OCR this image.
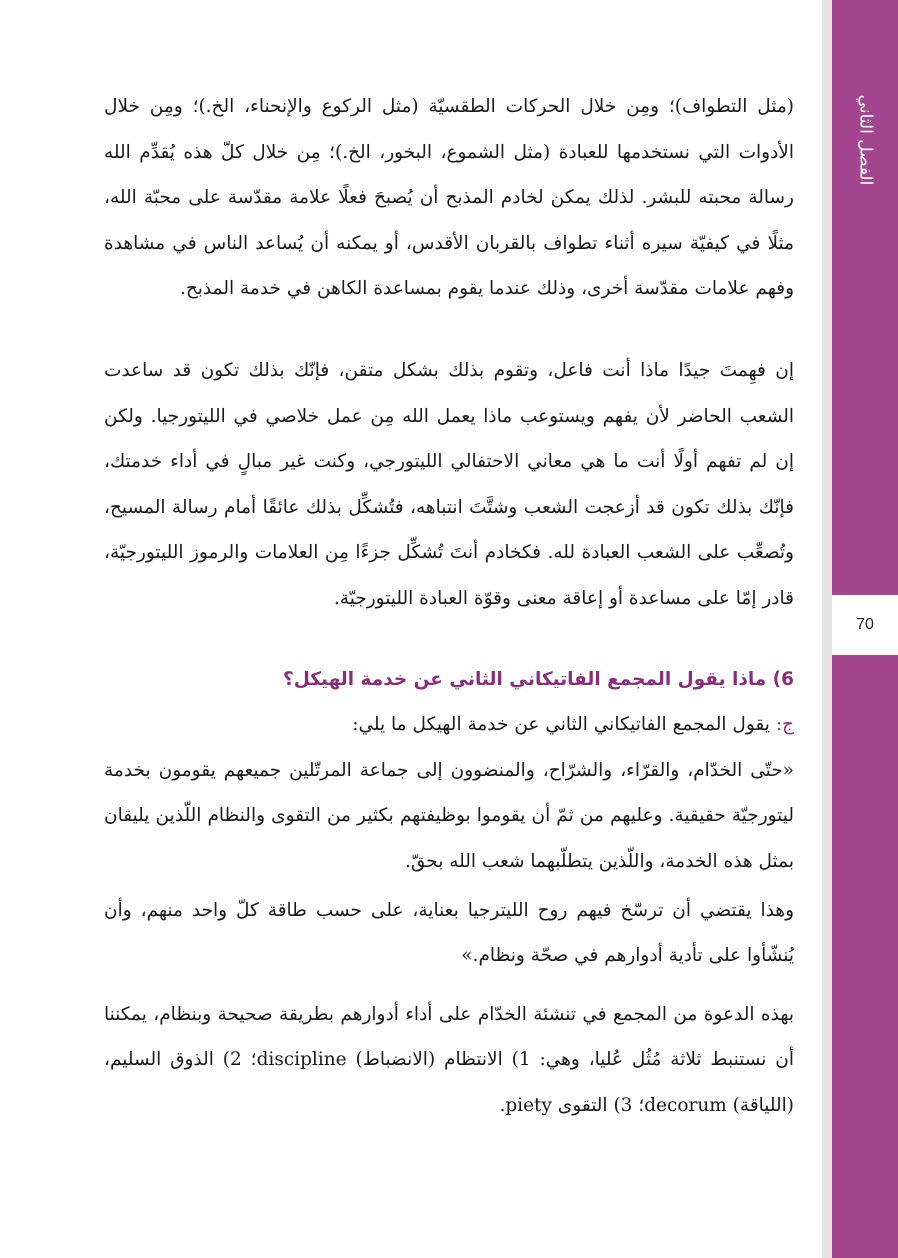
الفصل الثاني
70

(مثل التطواف)؛ ومِن خلال الحركات الطقسيّة (مثل الركوع والإنحناء، الخ.)؛ ومِن خلال الأدوات التي نستخدمها للعبادة (مثل الشموع، البخور، الخ.)؛ مِن خلال كلّ هذه يُقدِّم الله رسالة محبته للبشر. لذلك يمكن لخادم المذبح أن يُصبحَ فعلًا علامة مقدّسة على محبّة الله، مثلًا في كيفيّة سيره أثناء تطواف بالقربان الأقدس، أو يمكنه أن يُساعد الناس في مشاهدة وفهم علامات مقدّسة أخرى، وذلك عندما يقوم بمساعدة الكاهن في خدمة المذبح.

إن فهِمتَ جيدًا ماذا أنت فاعل، وتقوم بذلك بشكل متقن، فإنّك بذلك تكون قد ساعدت الشعب الحاضر لأن يفهم ويستوعب ماذا يعمل الله مِن عمل خلاصي في الليتورجيا. ولكن إن لم تفهم أولًا أنت ما هي معاني الاحتفالي الليتورجي، وكنت غير مبالٍ في أداء خدمتك، فإنّك بذلك تكون قد أزعجت الشعب وشتَّتَ انتباهه، فتُشكِّل بذلك عائقًا أمام رسالة المسيح، وتُصعِّب على الشعب العبادة لله. فكخادم أنتَ تُشكِّل جزءًا مِن العلامات والرموز الليتورجيّة، قادر إمّا على مساعدة أو إعاقة معنى وقوّة العبادة الليتورجيّة.

6) ماذا يقول المجمع الفاتيكاني الثاني عن خدمة الهيكل؟

ج: يقول المجمع الفاتيكاني الثاني عن خدمة الهيكل ما يلي:

«حتّى الخدّام، والقرّاء، والشرّاح، والمنضوون إلى جماعة المرتّلين جميعهم يقومون بخدمة ليتورجيّة حقيقية. وعليهم من ثمّ أن يقوموا بوظيفتهم بكثير من التقوى والنظام اللّذين يليقان بمثل هذه الخدمة، واللّذين يتطلّبهما شعب الله بحقّ.

وهذا يقتضي أن ترسّخ فيهم روح الليترجيا بعناية، على حسب طاقة كلّ واحد منهم، وأن يُنشّأوا على تأدية أدوارهم في صحّة ونظام.»

بهذه الدعوة من المجمع في تنشئة الخدّام على أداء أدوارهم بطريقة صحيحة وبنظام، يمكننا أن نستنبط ثلاثة مُثُل عُليا، وهي: 1) الانتظام (الانضباط) discipline؛ 2) الذوق السليم، (اللياقة) decorum؛ 3) التقوى piety.
